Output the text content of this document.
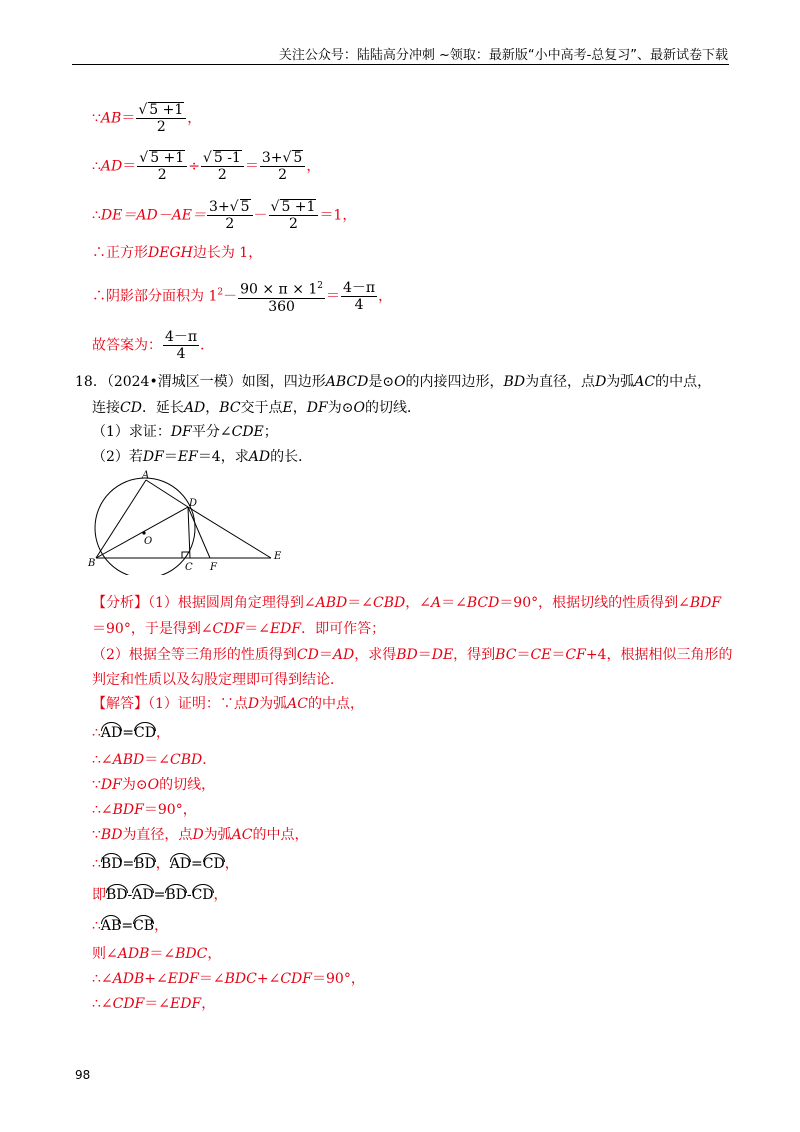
关注公众号：陆陆高分冲刺 ~领取：最新版“小中高考-总复习”、最新试卷下载
∵AB＝ $\frac{√ 5 +1}{2}$ ，
∴AD＝ $\frac{√ 5 +1}{2} \div \frac{√ 5 -1}{2} = \frac{3+√ 5}{2}$ ，
∴DE＝AD－AE＝ $\frac{3+√ 5}{2} - \frac{√ 5 +1}{2} =1$，
∴正方形DEGH边长为 1，
∴阴影部分面积为 $1^2- \frac{90 \times \pi \times 1^2}{360} = \frac{4-\pi}{4}$ ，
故答案为： $\frac{4-\pi}{4}$ ．
18．（2024•渭城区一模）如图，四边形ABCD是⊙O的内接四边形，BD为直径，点D为弧AC的中点，
连接CD．延长AD，BC交于点E，DF为⊙O的切线．
（1）求证：DF平分∠CDE；
（2）若DF＝EF＝4，求AD的长．
A
B	C
D
E
F
O
【分析】（1）根据圆周角定理得到∠ABD＝∠CBD，∠A＝∠BCD＝90°，根据切线的性质得到∠BDF
＝90°，于是得到∠CDF＝∠EDF．即可作答；
（2）根据全等三角形的性质得到CD＝AD，求得BD＝DE，得到BC＝CE＝CF+4，根据相似三角形的
判定和性质以及勾股定理即可得到结论．
【解答】（1）证明：∵点D为弧AC的中点，
∴AD=CD，
∴∠ABD＝∠CBD．
∵DF为⊙O的切线，
∴∠BDF＝90°，
∵BD为直径，点D为弧AC的中点，
∴BD=BD，AD=CD，
即BD-AD=BD-CD，
∴AB=CB，
则∠ADB＝∠BDC，
∴∠ADB+∠EDF＝∠BDC+∠CDF＝90°，
∴∠CDF＝∠EDF，
98
